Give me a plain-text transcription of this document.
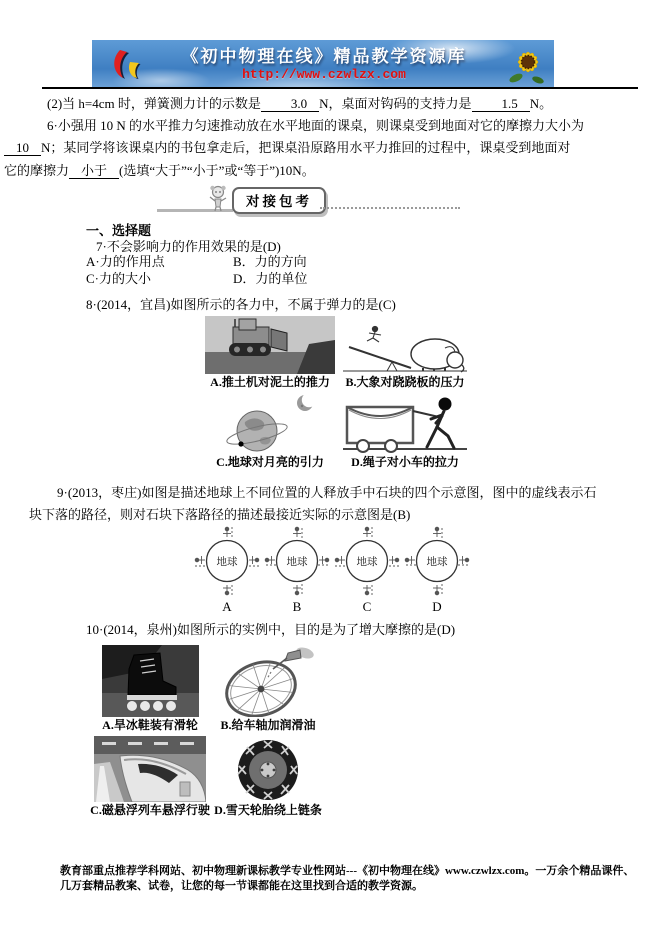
《初中物理在线》精品教学资源库
http://www.czwlzx.com
(2)当 h=4cm 时，弹簧测力计的示数是 3.0 N，桌面对钩码的支持力是 1.5 N。
6·小强用 10 N 的水平推力匀速推动放在水平地面的课桌，则课桌受到地面对它的摩擦力大小为
10 N；某同学将该课桌内的书包拿走后，把课桌沿原路用水平力推回的过程中，课桌受到地面对
它的摩擦力 小于 (选填“大于”“小于”或“等于”)10N。
对接包考
一、选择题
7·不会影响力的作用效果的是(D)
A·力的作用点	B．力的方向
C·力的大小	D．力的单位
8·(2014，宜昌)如图所示的各力中，不属于弹力的是(C)
A.推土机对泥土的推力 B.大象对跷跷板的压力
C.地球对月亮的引力 D.绳子对小车的拉力
9·(2013，枣庄)如图是描述地球上不同位置的人释放手中石块的四个示意图，图中的虚线表示石
块下落的路径，则对石块下落路径的描述最接近实际的示意图是(B)
地球
A
地球
B
地球
C
地球
D
10·(2014，泉州)如图所示的实例中，目的是为了增大摩擦的是(D)
A.旱冰鞋装有滑轮 B.给车轴加润滑油
C.磁悬浮列车悬浮行驶 D.雪天轮胎绕上链条
教育部重点推荐学科网站、初中物理新课标教学专业性网站---《初中物理在线》www.czwlzx.com。一万余个精品课件、
几万套精品教案、试卷，让您的每一节课都能在这里找到合适的教学资源。
